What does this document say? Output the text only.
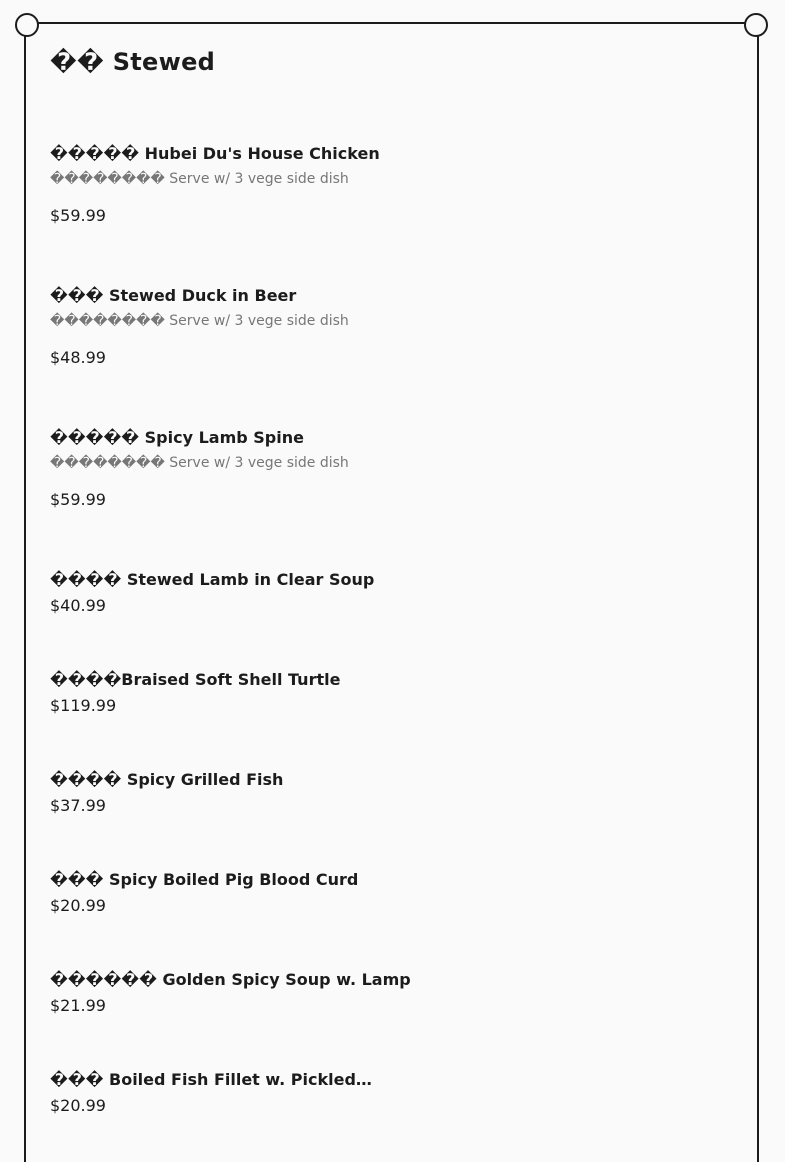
�� Stewed
����� Hubei Du's House Chicken
�������� Serve w/ 3 vege side dish
$59.99
��� Stewed Duck in Beer
�������� Serve w/ 3 vege side dish
$48.99
����� Spicy Lamb Spine
�������� Serve w/ 3 vege side dish
$59.99
���� Stewed Lamb in Clear Soup
$40.99
����Braised Soft Shell Turtle
$119.99
���� Spicy Grilled Fish
$37.99
��� Spicy Boiled Pig Blood Curd
$20.99
������ Golden Spicy Soup w. Lamp
$21.99
��� Boiled Fish Fillet w. Pickled…
$20.99
